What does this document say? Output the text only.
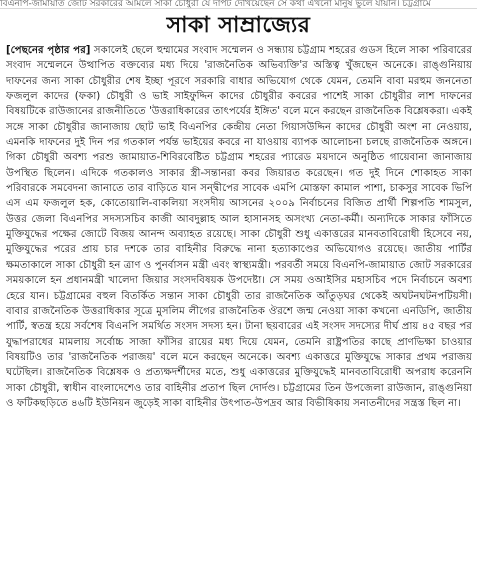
বিএনপি-জামায়াত জোট সরকারের আমলে সাকা চৌধুরী যে দাপট দেখিয়েছেন সে কথা এখনো মানুষ ভুলে যায়নি। চট্টগ্রামে
সাকা সাম্রাজ্যের

[পেছনের পৃষ্ঠার পর] সকালেই ছেলে হুম্মামের সংবাদ সম্মেলন ও সন্ধ্যায় চট্টগ্রাম শহরের গুডস হিলে সাকা পরিবারের সংবাদ সম্মেলনে উত্থাপিত বক্তব্যের মধ্য দিয়ে 'রাজনৈতিক অভিব্যক্তি'র অস্তিত্ব খুঁজছেন অনেকে। রাঙ্গুনিয়ায় দাফনের জন্য সাকা চৌধুরীর শেষ ইচ্ছা পূরণে সরকারি বাধার অভিযোগ থেকে যেমন, তেমনি বাবা মরহুম জননেতা ফজলুল কাদের (ফকা) চৌধুরী ও ভাই সাইফুদ্দিন কাদের চৌধুরীর কবরের পাশেই সাকা চৌধুরীর লাশ দাফনের বিষয়টিকে রাউজানের রাজনীতিতে 'উত্তরাধিকারের তাৎপর্যের ইঙ্গিত' বলে মনে করছেন রাজনৈতিক বিশ্লেষকরা। একই সঙ্গে সাকা চৌধুরীর জানাজায় ছোট ভাই বিএনপির কেন্দ্রীয় নেতা গিয়াসউদ্দিন কাদের চৌধুরী অংশ না নেওয়ায়, এমনকি দাফনের দুই দিন পর গতকাল পর্যন্ত ভাইয়ের কবরে না যাওয়ায় ব্যাপক আলোচনা চলছে রাজনৈতিক অঙ্গনে। গিকা চৌধুরী অবশ্য পরশু জামায়াত-শিবিরবেষ্টিত চট্টগ্রাম শহরের প্যারেড ময়দানে অনুষ্ঠিত গায়েবানা জানাজায় উপস্থিত ছিলেন। এদিকে গতকালও সাকার স্ত্রী-সন্তানরা কবর জিয়ারত করেছেন। গত দুই দিনে শোকাহত সাকা পরিবারকে সমবেদনা জানাতে তার বাড়িতে যান সন্দ্বীপের সাবেক এমপি মোস্তফা কামাল পাশা, চাকসুর সাবেক ভিপি এস এম ফজলুল হক, কোতোয়ালি-বাকলিয়া সংসদীয় আসনের ২০০৯ নির্বাচনের বিজিত প্রার্থী শিল্পপতি শামসুল, উত্তর জেলা বিএনপির সদস্যসচিব কাজী আবদুল্লাহ আল হাসানসহ অসংখ্য নেতা-কর্মী। অন্যদিকে সাকার ফাঁসিতে মুক্তিযুদ্ধের পক্ষের জোটে বিজয় আনন্দ অব্যাহত রয়েছে। সাকা চৌধুরী শুধু একাত্তরের মানবতাবিরোধী হিসেবে নয়, মুক্তিযুদ্ধের পরের প্রায় চার দশকে তার বাহিনীর বিরুদ্ধে নানা হত্যাকাণ্ডের অভিযোগও রয়েছে। জাতীয় পার্টির ক্ষমতাকালে সাকা চৌধুরী হন ত্রাণ ও পুনর্বাসন মন্ত্রী এবং স্বাস্থ্যমন্ত্রী। পরবর্তী সময়ে বিএনপি-জামায়াত জোট সরকারের সময়কালে হন প্রধানমন্ত্রী খালেদা জিয়ার সংসদবিষয়ক উপদেষ্টা। সে সময় ওআইসির মহাসচিব পদে নির্বাচনে অবশ্য হেরে যান। চট্টগ্রামের বহুল বিতর্কিত সন্তান সাকা চৌধুরী তার রাজনৈতিক আঁতুড়ঘর থেকেই অঘটনঘটনপটিয়সী। বাবার রাজনৈতিক উত্তরাধিকার সূত্রে মুসলিম লীগের রাজনৈতিক ঔরশে জন্ম নেওয়া সাকা কখনো এনডিপি, জাতীয় পার্টি, স্বতন্ত্র হয়ে সর্বশেষ বিএনপি সমর্থিত সংসদ সদস্য হন। টানা ছয়বারের এই সংসদ সদস্যের দীর্ঘ প্রায় ৪৫ বছর পর যুদ্ধাপরাধের মামলায় সর্বোচ্চ সাজা ফাঁসির রায়ের মধ্য দিয়ে যেমন, তেমনি রাষ্ট্রপতির কাছে প্রাণভিক্ষা চাওয়ার বিষয়টিও তার 'রাজনৈতিক পরাজয়' বলে মনে করছেন অনেকে। অবশ্য একাত্তরে মুক্তিযুদ্ধে সাকার প্রথম পরাজয় ঘটেছিল। রাজনৈতিক বিশ্লেষক ও প্রত্যক্ষদর্শীদের মতে, শুধু একাত্তরের মুক্তিযুদ্ধেই মানবতাবিরোধী অপরাধ করেননি সাকা চৌধুরী, স্বাধীন বাংলাদেশেও তার বাহিনীর প্রতাপ ছিল দোর্দণ্ড। চট্টগ্রামের তিন উপজেলা রাউজান, রাঙ্গুনিয়া ও ফটিকছড়িতে ৪৬টি ইউনিয়ন জুড়েই সাকা বাহিনীর উৎপাত-উপদ্রব আর বিভীষিকায় সনাতনীদের সন্ত্রস্ত ছিল না।
